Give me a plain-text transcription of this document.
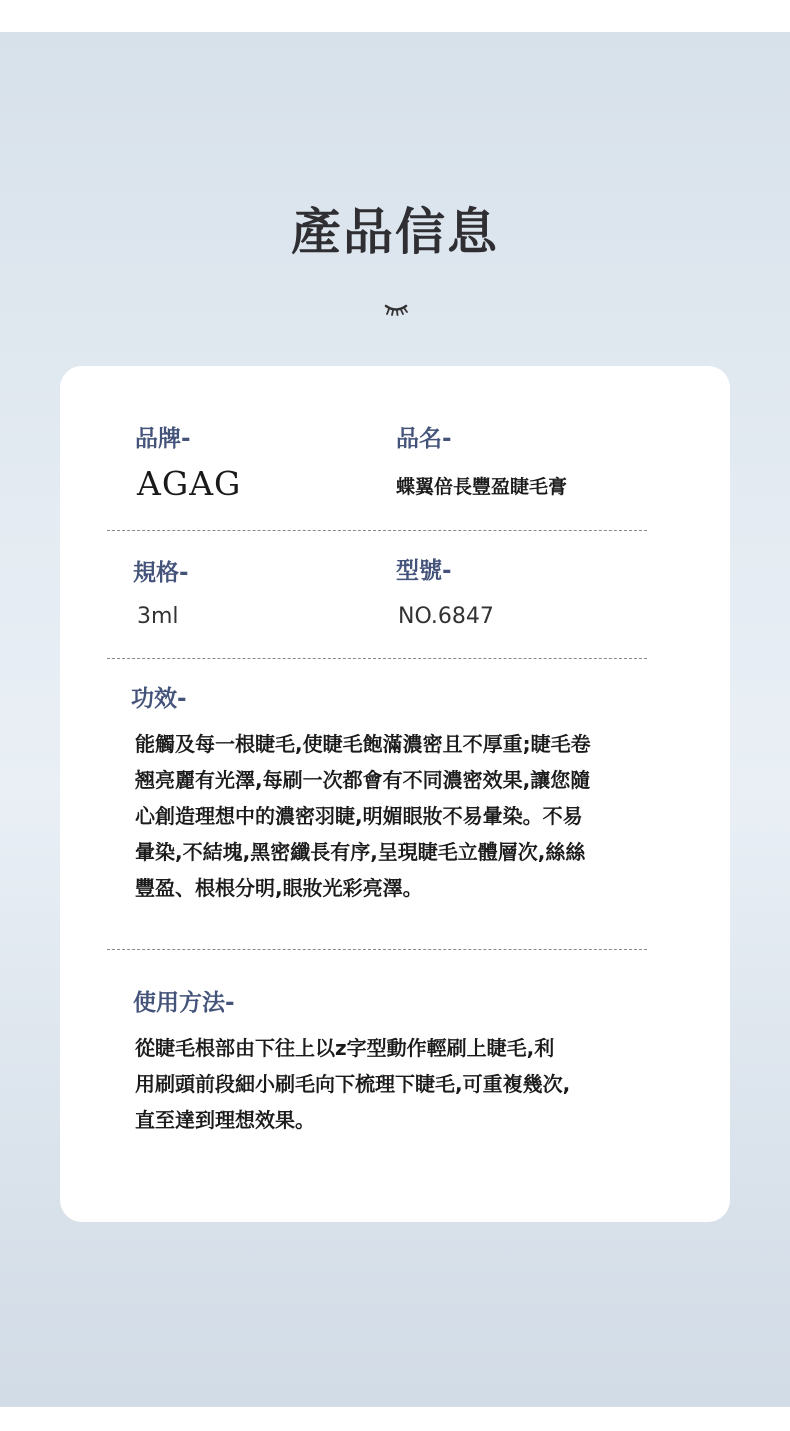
產品信息
品牌-
AGAG
品名-
蝶翼倍長豐盈睫毛膏
規格-
3ml
型號-
NO.6847
功效-
能觸及每一根睫毛,使睫毛飽滿濃密且不厚重;睫毛卷
翘亮麗有光澤,每刷一次都會有不同濃密效果,讓您隨
心創造理想中的濃密羽睫,明媚眼妝不易暈染。不易
暈染,不結塊,黑密纖長有序,呈現睫毛立體層次,絲絲
豐盈、根根分明,眼妝光彩亮澤。
使用方法-
從睫毛根部由下往上以z字型動作輕刷上睫毛,利
用刷頭前段細小刷毛向下梳理下睫毛,可重複幾次,
直至達到理想效果。
